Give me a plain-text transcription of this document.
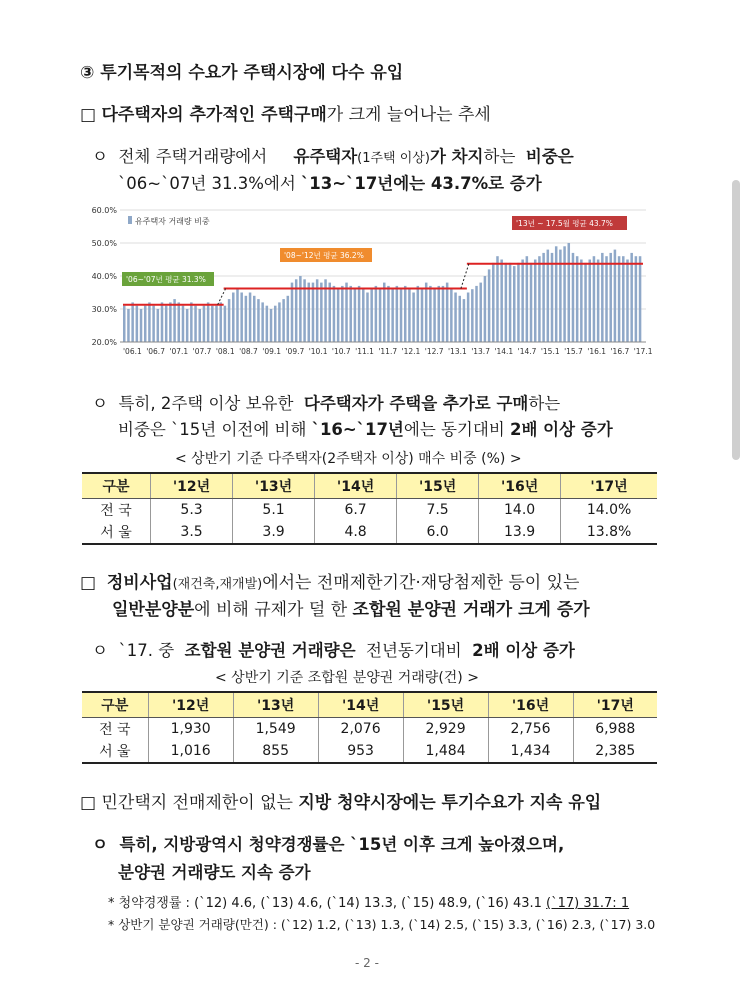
③ 투기목적의 수요가 주택시장에 다수 유입
□ 다주택자의 추가적인 주택구매가 크게 늘어나는 추세
ㅇ 전체 주택거래량에서 유주택자(1주택 이상)가 차지하는 비중은
`06~`07년 31.3%에서 `13~`17년에는 43.7%로 증가
60.0%
50.0%
40.0%
30.0%
20.0%
'06.1 '06.7 '07.1 '07.7 '08.1 '08.7 '09.1 '09.7 '10.1 '10.7 '11.1 '11.7 '12.1 '12.7 '13.1 '13.7 '14.1 '14.7 '15.1 '15.7 '16.1 '16.7 '17.1
유주택자 거래량 비중
'06~'07년 평균 31.3%
'08~'12년 평균 36.2%
'13년 ~ 17.5월 평균 43.7%
ㅇ 특히, 2주택 이상 보유한 다주택자가 주택을 추가로 구매하는
비중은 `15년 이전에 비해 `16~`17년에는 동기대비 2배 이상 증가
< 상반기 기준 다주택자(2주택자 이상) 매수 비중 (%) >
구분	'12년	'13년	'14년	'15년	'16년	'17년
전 국	5.3	5.1	6.7	7.5	14.0	14.0%
서 울	3.5	3.9	4.8	6.0	13.9	13.8%
□ 정비사업(재건축,재개발)에서는 전매제한기간·재당첨제한 등이 있는
일반분양분에 비해 규제가 덜 한 조합원 분양권 거래가 크게 증가
ㅇ `17. 중 조합원 분양권 거래량은 전년동기대비 2배 이상 증가
< 상반기 기준 조합원 분양권 거래량(건) >
구분	'12년	'13년	'14년	'15년	'16년	'17년
전 국	1,930	1,549	2,076	2,929	2,756	6,988
서 울	1,016	855	953	1,484	1,434	2,385
□ 민간택지 전매제한이 없는 지방 청약시장에는 투기수요가 지속 유입
ㅇ 특히, 지방광역시 청약경쟁률은 `15년 이후 크게 높아졌으며,
분양권 거래량도 지속 증가
* 청약경쟁률 : (`12) 4.6, (`13) 4.6, (`14) 13.3, (`15) 48.9, (`16) 43.1 (`17) 31.7: 1
* 상반기 분양권 거래량(만건) : (`12) 1.2, (`13) 1.3, (`14) 2.5, (`15) 3.3, (`16) 2.3, (`17) 3.0
- 2 -
